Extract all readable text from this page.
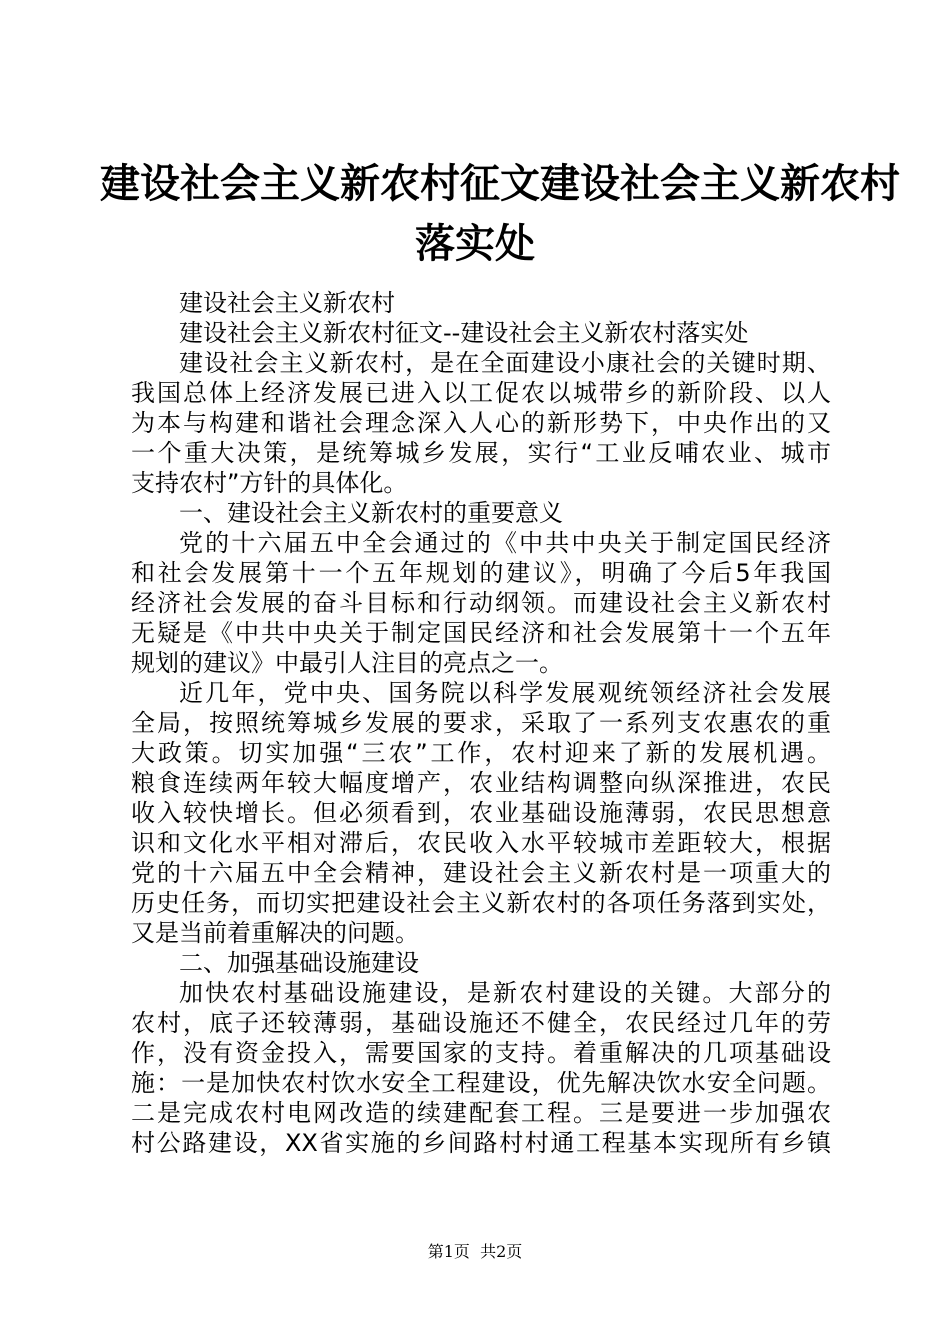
建设社会主义新农村征文建设社会主义新农村
落实处
建设社会主义新农村
建设社会主义新农村征文--建设社会主义新农村落实处
建设社会主义新农村，是在全面建设小康社会的关键时期、
我国总体上经济发展已进入以工促农以城带乡的新阶段、以人
为本与构建和谐社会理念深入人心的新形势下，中央作出的又
一个重大决策，是统筹城乡发展，实行“工业反哺农业、城市
支持农村”方针的具体化。
一、建设社会主义新农村的重要意义
党的十六届五中全会通过的《中共中央关于制定国民经济
和社会发展第十一个五年规划的建议》，明确了今后5年我国
经济社会发展的奋斗目标和行动纲领。而建设社会主义新农村
无疑是《中共中央关于制定国民经济和社会发展第十一个五年
规划的建议》中最引人注目的亮点之一。
近几年，党中央、国务院以科学发展观统领经济社会发展
全局，按照统筹城乡发展的要求，采取了一系列支农惠农的重
大政策。切实加强“三农”工作，农村迎来了新的发展机遇。
粮食连续两年较大幅度增产，农业结构调整向纵深推进，农民
收入较快增长。但必须看到，农业基础设施薄弱，农民思想意
识和文化水平相对滞后，农民收入水平较城市差距较大，根据
党的十六届五中全会精神，建设社会主义新农村是一项重大的
历史任务，而切实把建设社会主义新农村的各项任务落到实处，
又是当前着重解决的问题。
二、加强基础设施建设
加快农村基础设施建设，是新农村建设的关键。大部分的
农村，底子还较薄弱，基础设施还不健全，农民经过几年的劳
作，没有资金投入，需要国家的支持。着重解决的几项基础设
施：一是加快农村饮水安全工程建设，优先解决饮水安全问题。
二是完成农村电网改造的续建配套工程。三是要进一步加强农
村公路建设，XX省实施的乡间路村村通工程基本实现所有乡镇
第1页 共2页
